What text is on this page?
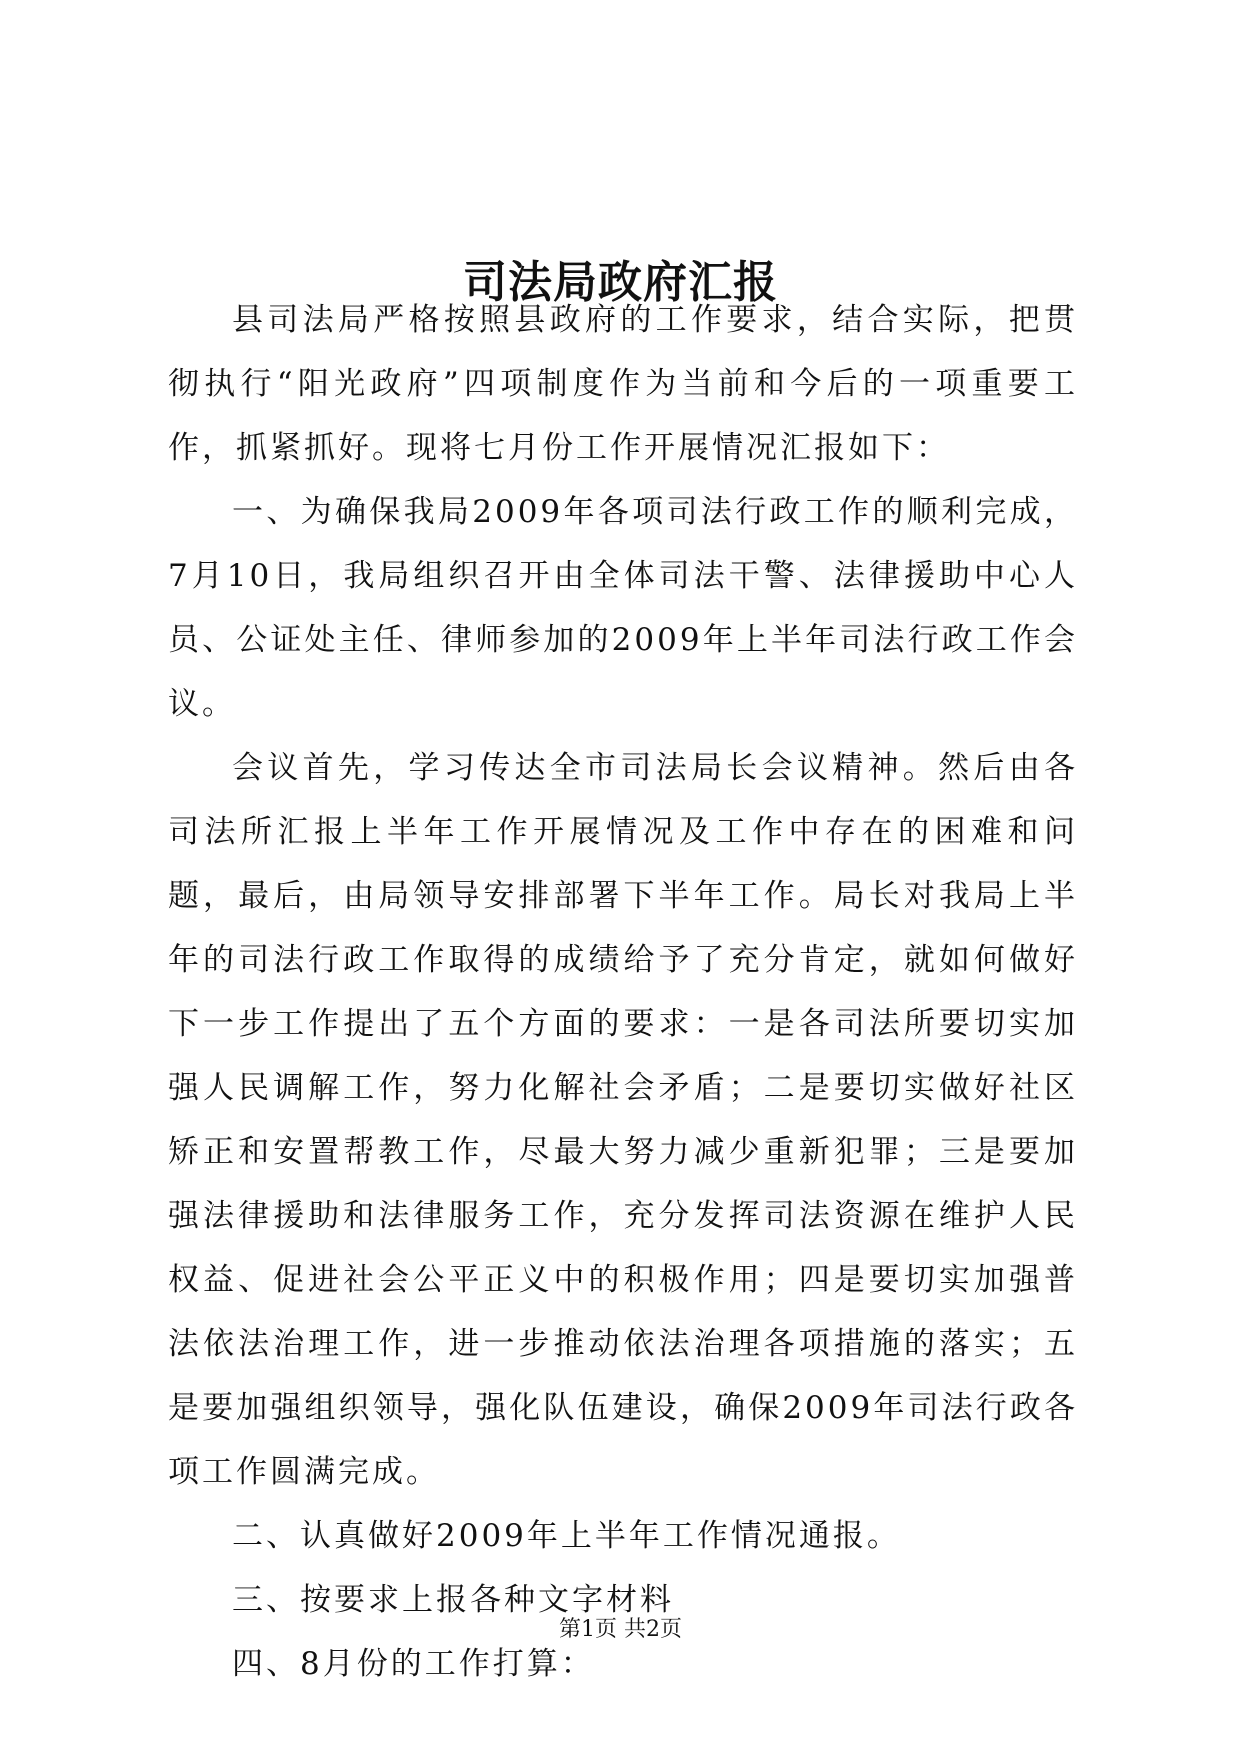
司法局政府汇报

县司法局严格按照县政府的工作要求，结合实际，把贯彻执行“阳光政府”四项制度作为当前和今后的一项重要工作，抓紧抓好。现将七月份工作开展情况汇报如下：

一、为确保我局2009年各项司法行政工作的顺利完成，7月10日，我局组织召开由全体司法干警、法律援助中心人员、公证处主任、律师参加的2009年上半年司法行政工作会议。

会议首先，学习传达全市司法局长会议精神。然后由各司法所汇报上半年工作开展情况及工作中存在的困难和问题，最后，由局领导安排部署下半年工作。局长对我局上半年的司法行政工作取得的成绩给予了充分肯定，就如何做好下一步工作提出了五个方面的要求：一是各司法所要切实加强人民调解工作，努力化解社会矛盾；二是要切实做好社区矫正和安置帮教工作，尽最大努力减少重新犯罪；三是要加强法律援助和法律服务工作，充分发挥司法资源在维护人民权益、促进社会公平正义中的积极作用；四是要切实加强普法依法治理工作，进一步推动依法治理各项措施的落实；五是要加强组织领导，强化队伍建设，确保2009年司法行政各项工作圆满完成。

二、认真做好2009年上半年工作情况通报。

三、按要求上报各种文字材料

四、8月份的工作打算：

第1页 共2页
